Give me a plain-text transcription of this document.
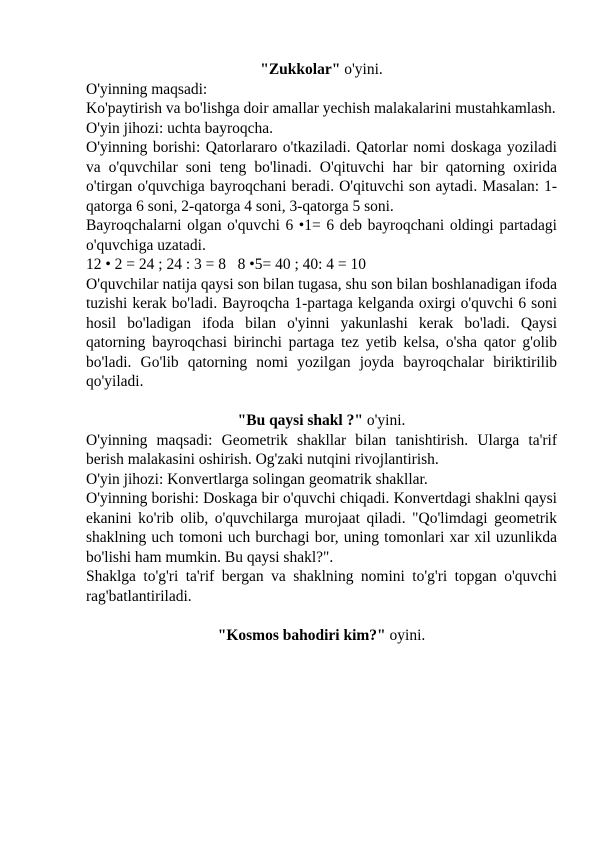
"Zukkolar" o'yini.

O'yinning maqsadi:

Ko'paytirish va bo'lishga doir amallar yechish malakalarini mustahkamlash.

O'yin jihozi: uchta bayroqcha.

O'yinning borishi: Qatorlararo o'tkaziladi. Qatorlar nomi doskaga yoziladi va o'quvchilar soni teng bo'linadi. O'qituvchi har bir qatorning oxirida o'tirgan o'quvchiga bayroqchani beradi. O'qituvchi son aytadi. Masalan: 1- qatorga 6 soni, 2-qatorga 4 soni, 3-qatorga 5 soni.

Bayroqchalarni olgan o'quvchi 6 •1= 6 deb bayroqchani oldingi partadagi o'quvchiga uzatadi.

12 • 2 = 24 ; 24 : 3 = 8   8 •5= 40 ; 40: 4 = 10

O'quvchilar natija qaysi son bilan tugasa, shu son bilan boshlanadigan ifoda tuzishi kerak bo'ladi. Bayroqcha 1-partaga kelganda oxirgi o'quvchi 6 soni hosil bo'ladigan ifoda bilan o'yinni yakunlashi kerak bo'ladi. Qaysi qatorning bayroqchasi birinchi partaga tez yetib kelsa, o'sha qator g'olib bo'ladi. Go'lib qatorning nomi yozilgan joyda bayroqchalar biriktirilib qo'yiladi.

"Bu qaysi shakl ?" o'yini.

O'yinning maqsadi: Geometrik shakllar bilan tanishtirish. Ularga ta'rif berish malakasini oshirish. Og'zaki nutqini rivojlantirish.

O'yin jihozi: Konvertlarga solingan geomatrik shakllar.

O'yinning borishi: Doskaga bir o'quvchi chiqadi. Konvertdagi shaklni qaysi ekanini ko'rib olib, o'quvchilarga murojaat qiladi. "Qo'limdagi geometrik shaklning uch tomoni uch burchagi bor, uning tomonlari xar xil uzunlikda bo'lishi ham mumkin. Bu qaysi shakl?".

Shaklga to'g'ri ta'rif bergan va shaklning nomini to'g'ri topgan o'quvchi rag'batlantiriladi.

"Kosmos bahodiri kim?" oyini.
